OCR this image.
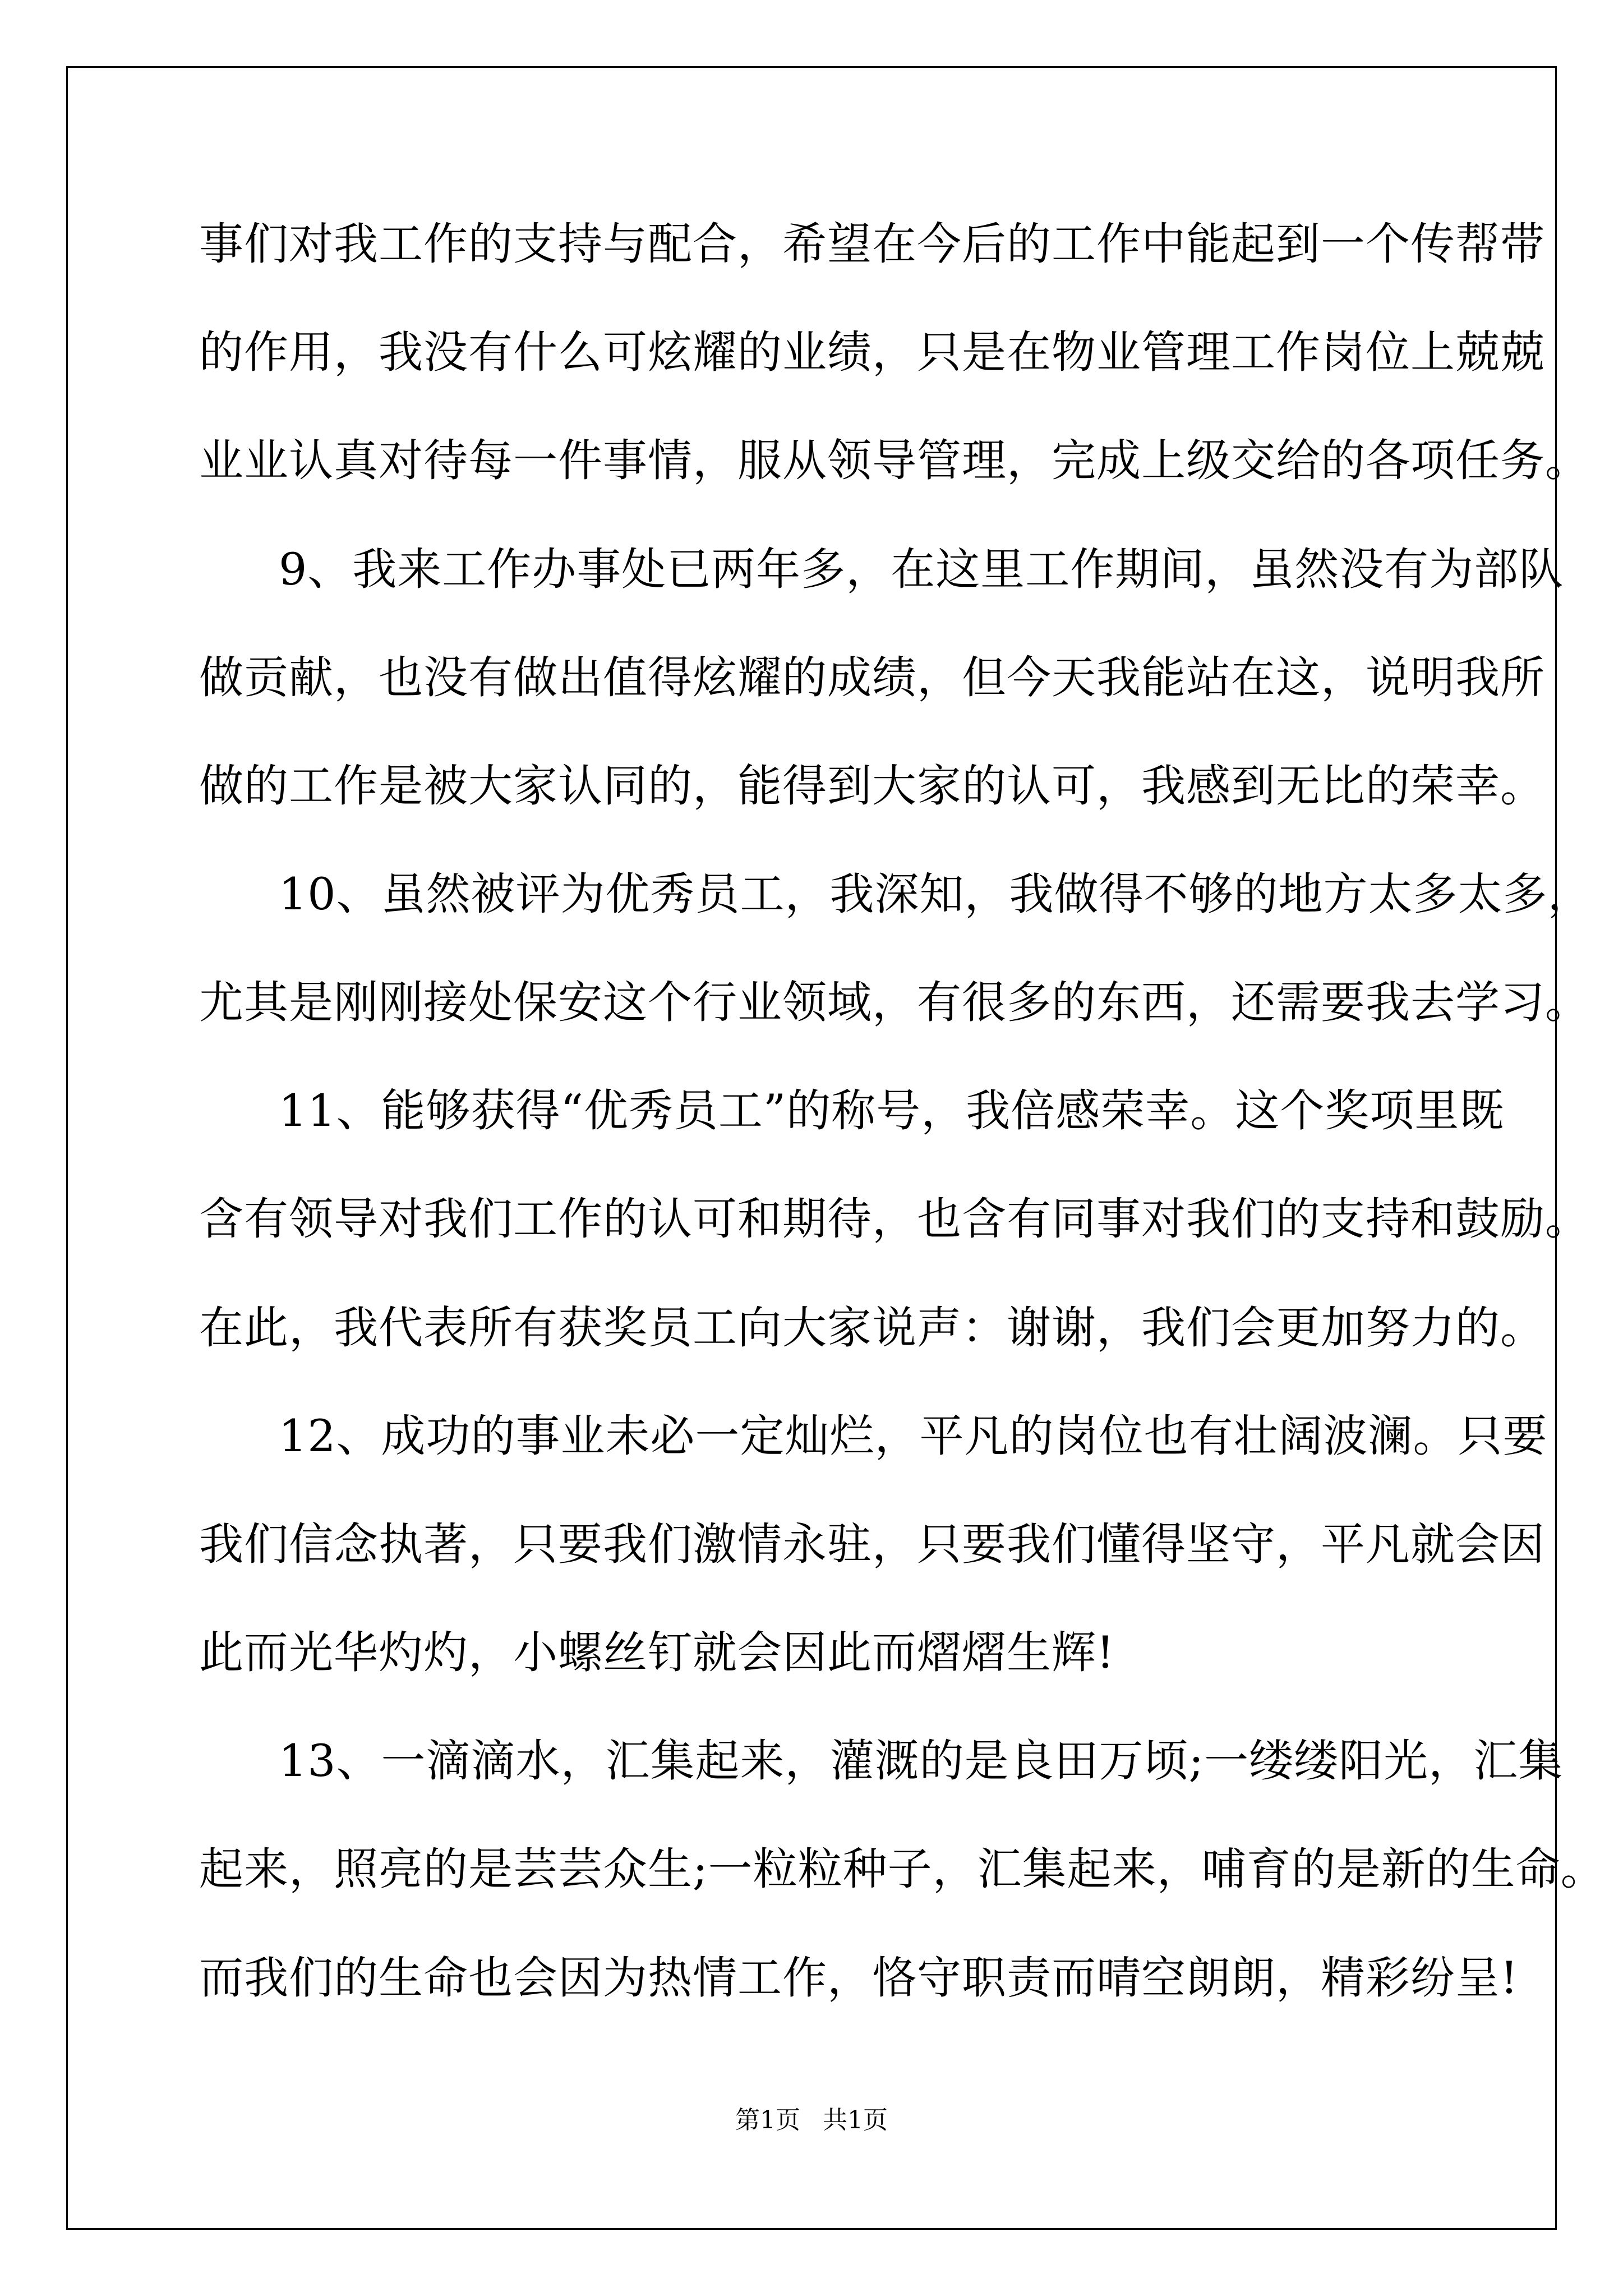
事们对我工作的支持与配合，希望在今后的工作中能起到一个传帮带
的作用，我没有什么可炫耀的业绩，只是在物业管理工作岗位上兢兢
业业认真对待每一件事情，服从领导管理，完成上级交给的各项任务。
9、我来工作办事处已两年多，在这里工作期间，虽然没有为部队
做贡献，也没有做出值得炫耀的成绩，但今天我能站在这，说明我所
做的工作是被大家认同的，能得到大家的认可，我感到无比的荣幸。
10、虽然被评为优秀员工，我深知，我做得不够的地方太多太多，
尤其是刚刚接处保安这个行业领域，有很多的东西，还需要我去学习。
11、能够获得“优秀员工”的称号，我倍感荣幸。这个奖项里既
含有领导对我们工作的认可和期待，也含有同事对我们的支持和鼓励。
在此，我代表所有获奖员工向大家说声：谢谢，我们会更加努力的。
12、成功的事业未必一定灿烂，平凡的岗位也有壮阔波澜。只要
我们信念执著，只要我们激情永驻，只要我们懂得坚守，平凡就会因
此而光华灼灼，小螺丝钉就会因此而熠熠生辉!
13、一滴滴水，汇集起来，灌溉的是良田万顷;一缕缕阳光，汇集
起来，照亮的是芸芸众生;一粒粒种子，汇集起来，哺育的是新的生命。
而我们的生命也会因为热情工作，恪守职责而晴空朗朗，精彩纷呈!
第1页 共1页
